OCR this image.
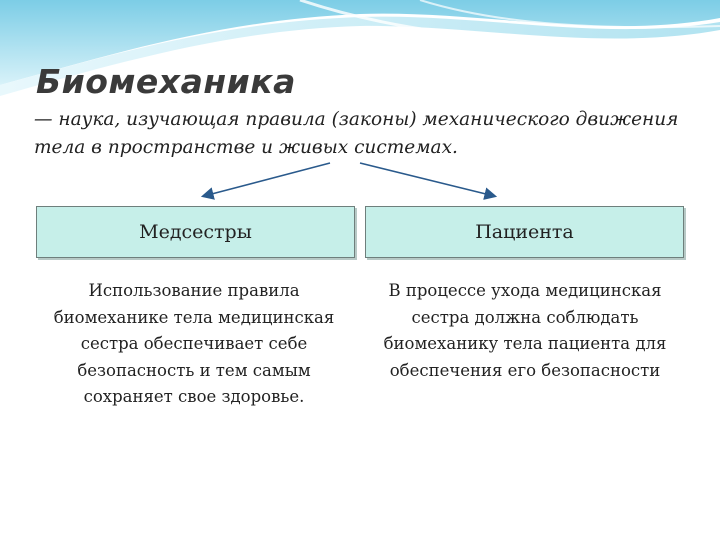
Биомеханика
— наука, изучающая правила (законы) механического движения тела в пространстве и живых системах.
Медсестры	Пациента
Использование правила биомеханике тела медицинская сестра обеспечивает себе безопасность и тем самым сохраняет свое здоровье.
В процессе ухода медицинская сестра должна соблюдать биомеханику тела пациента для обеспечения его безопасности
